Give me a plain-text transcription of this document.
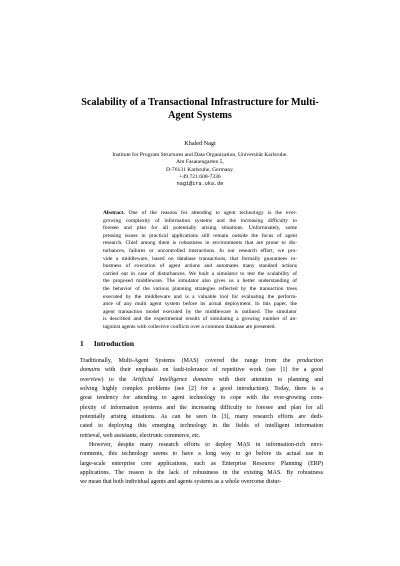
Scalability of a Transactional Infrastructure for Multi-
Agent Systems
Khaled Nagi
Institute for Program Structures and Data Organization, Universität Karlsruhe.
Am Fasanengarten 5,
D-76131 Karlsruhe, Germany.
+49.721.608-7336
nagi@ira.uka.de
Abstract. One of the reasons for attending to agent technology is the ever-
growing complexity of information systems and the increasing difficulty to
foresee and plan for all potentially arising situations. Unfortunately, some
pressing issues in practical applications still remain outside the focus of agent
research. Chief among them is robustness in environments that are prone to dis-
turbances, failures or uncontrolled interactions. In our research effort, we pro-
vide a middleware, based on database transactions, that formally guarantees ro-
bustness of execution of agent actions and automates many standard actions
carried out in case of disturbances. We built a simulator to test the scalability of
the proposed middleware. The simulator also gives us a better understanding of
the behavior of the various planning strategies reflected by the transaction trees
executed by the middleware and is a valuable tool for evaluating the perform-
ance of any multi agent system before its actual deployment. In this paper, the
agent transaction model executed by the middleware is outlined. The simulator
is described and the experimental results of simulating a growing number of an-
tagonist agents with collective conflicts over a common database are presented.
1 Introduction
Traditionally, Multi-Agent Systems (MAS) covered the range from the production
domains with their emphasis on fault-tolerance of repetitive work (see [1] for a good
overview) to the Artificial Intelligence domains with their attention to planning and
solving highly complex problems (see [2] for a good introduction). Today, there is a
great tendency for attending to agent technology to cope with the ever-growing com-
plexity of information systems and the increasing difficulty to foresee and plan for all
potentially arising situations. As can be seen in [3], many research efforts are dedi-
cated to deploying this emerging technology in the fields of intelligent information
retrieval, web assistants, electronic commerce, etc.
However, despite many research efforts to deploy MAS in information-rich envi-
ronments, this technology seems to have a long way to go before its actual use in
large-scale enterprise core applications, such as Enterprise Resource Planning (ERP)
applications. The reason is the lack of robustness in the existing MAS. By robustness
we mean that both individual agents and agents systems as a whole overcome distur-
